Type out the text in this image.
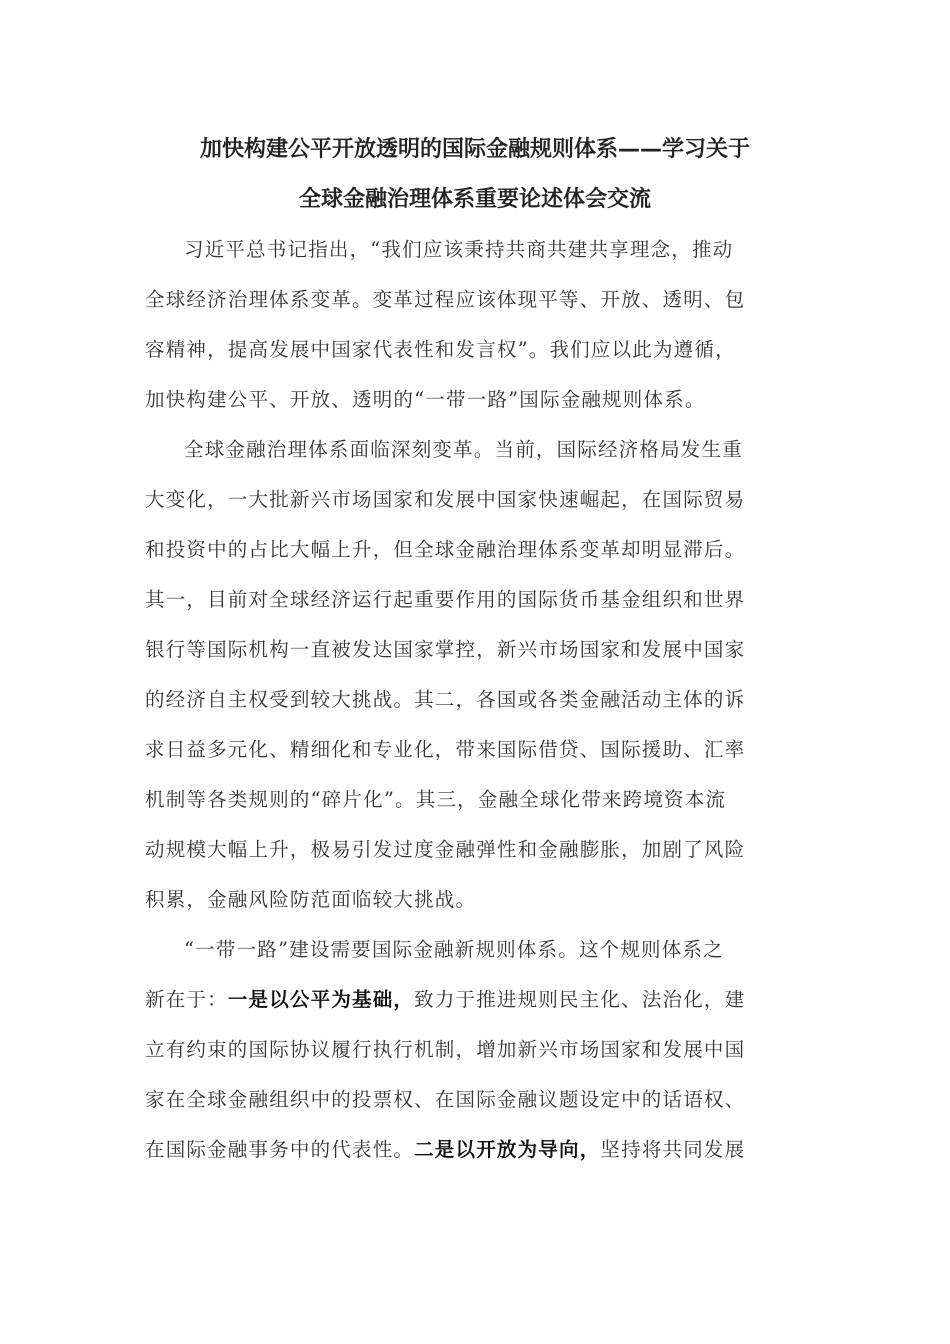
加快构建公平开放透明的国际金融规则体系——学习关于
全球金融治理体系重要论述体会交流

习近平总书记指出，“我们应该秉持共商共建共享理念，推动
全球经济治理体系变革。变革过程应该体现平等、开放、透明、包
容精神，提高发展中国家代表性和发言权”。我们应以此为遵循，
加快构建公平、开放、透明的“一带一路”国际金融规则体系。

全球金融治理体系面临深刻变革。当前，国际经济格局发生重
大变化，一大批新兴市场国家和发展中国家快速崛起，在国际贸易
和投资中的占比大幅上升，但全球金融治理体系变革却明显滞后。
其一，目前对全球经济运行起重要作用的国际货币基金组织和世界
银行等国际机构一直被发达国家掌控，新兴市场国家和发展中国家
的经济自主权受到较大挑战。其二，各国或各类金融活动主体的诉
求日益多元化、精细化和专业化，带来国际借贷、国际援助、汇率
机制等各类规则的“碎片化”。其三，金融全球化带来跨境资本流
动规模大幅上升，极易引发过度金融弹性和金融膨胀，加剧了风险
积累，金融风险防范面临较大挑战。

“一带一路”建设需要国际金融新规则体系。这个规则体系之
新在于：一是以公平为基础，致力于推进规则民主化、法治化，建
立有约束的国际协议履行执行机制，增加新兴市场国家和发展中国
家在全球金融组织中的投票权、在国际金融议题设定中的话语权、
在国际金融事务中的代表性。二是以开放为导向，坚持将共同发展
